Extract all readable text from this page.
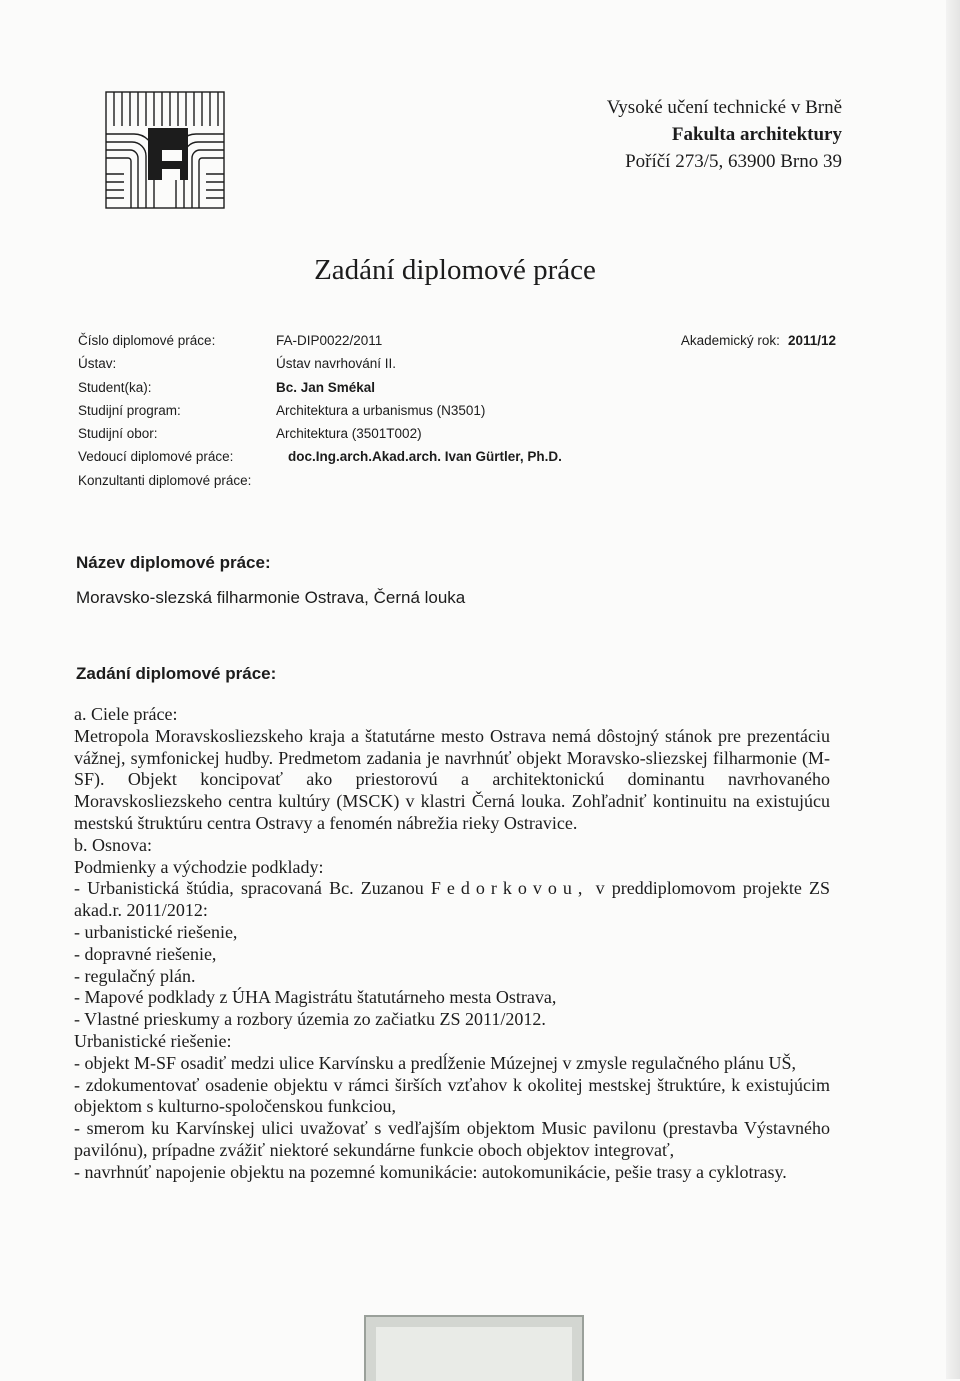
Vysoké učení technické v Brně
Fakulta architektury
Poříčí 273/5, 63900 Brno 39
Zadání diplomové práce
Číslo diplomové práce:
Ústav:
Student(ka):
Studijní program:
Studijní obor:
Vedoucí diplomové práce:
Konzultanti diplomové práce:
FA-DIP0022/2011
Ústav navrhování II.
Bc. Jan Smékal
Architektura a urbanismus (N3501)
Architektura (3501T002)
doc.Ing.arch.Akad.arch. Ivan Gürtler, Ph.D.
Akademický rok: 2011/12
Název diplomové práce:
Moravsko-slezská filharmonie Ostrava, Černá louka
Zadání diplomové práce:

a. Ciele práce:

Metropola Moravskosliezskeho kraja a štatutárne mesto Ostrava nemá dôstojný stánok pre prezentáciu vážnej, symfonickej hudby. Predmetom zadania je navrhnúť objekt Moravsko-sliezskej filharmonie (M-SF). Objekt koncipovať ako priestorovú a architektonickú dominantu navrhovaného Moravskosliezskeho centra kultúry (MSCK) v klastri Černá louka. Zohľadniť kontinuitu na existujúcu mestskú štruktúru centra Ostravy a fenomén nábrežia rieky Ostravice.

b. Osnova:

Podmienky a východzie podklady:

- Urbanistická štúdia, spracovaná Bc. Zuzanou Fedorkovou, v preddiplomovom projekte ZS akad.r. 2011/2012:

- urbanistické riešenie,

- dopravné riešenie,

- regulačný plán.

- Mapové podklady z ÚHA Magistrátu štatutárneho mesta Ostrava,

- Vlastné prieskumy a rozbory územia zo začiatku ZS 2011/2012.

Urbanistické riešenie:

- objekt M-SF osadiť medzi ulice Karvínsku a predĺženie Múzejnej v zmysle regulačného plánu UŠ,

- zdokumentovať osadenie objektu v rámci širších vzťahov k okolitej mestskej štruktúre, k existujúcim objektom s kulturno-spoločenskou funkciou,

- smerom ku Karvínskej ulici uvažovať s vedľajším objektom Music pavilonu (prestavba Výstavného pavilónu), prípadne zvážiť niektoré sekundárne funkcie oboch objektov integrovať,

- navrhnúť napojenie objektu na pozemné komunikácie: autokomunikácie, pešie trasy a cyklotrasy.
